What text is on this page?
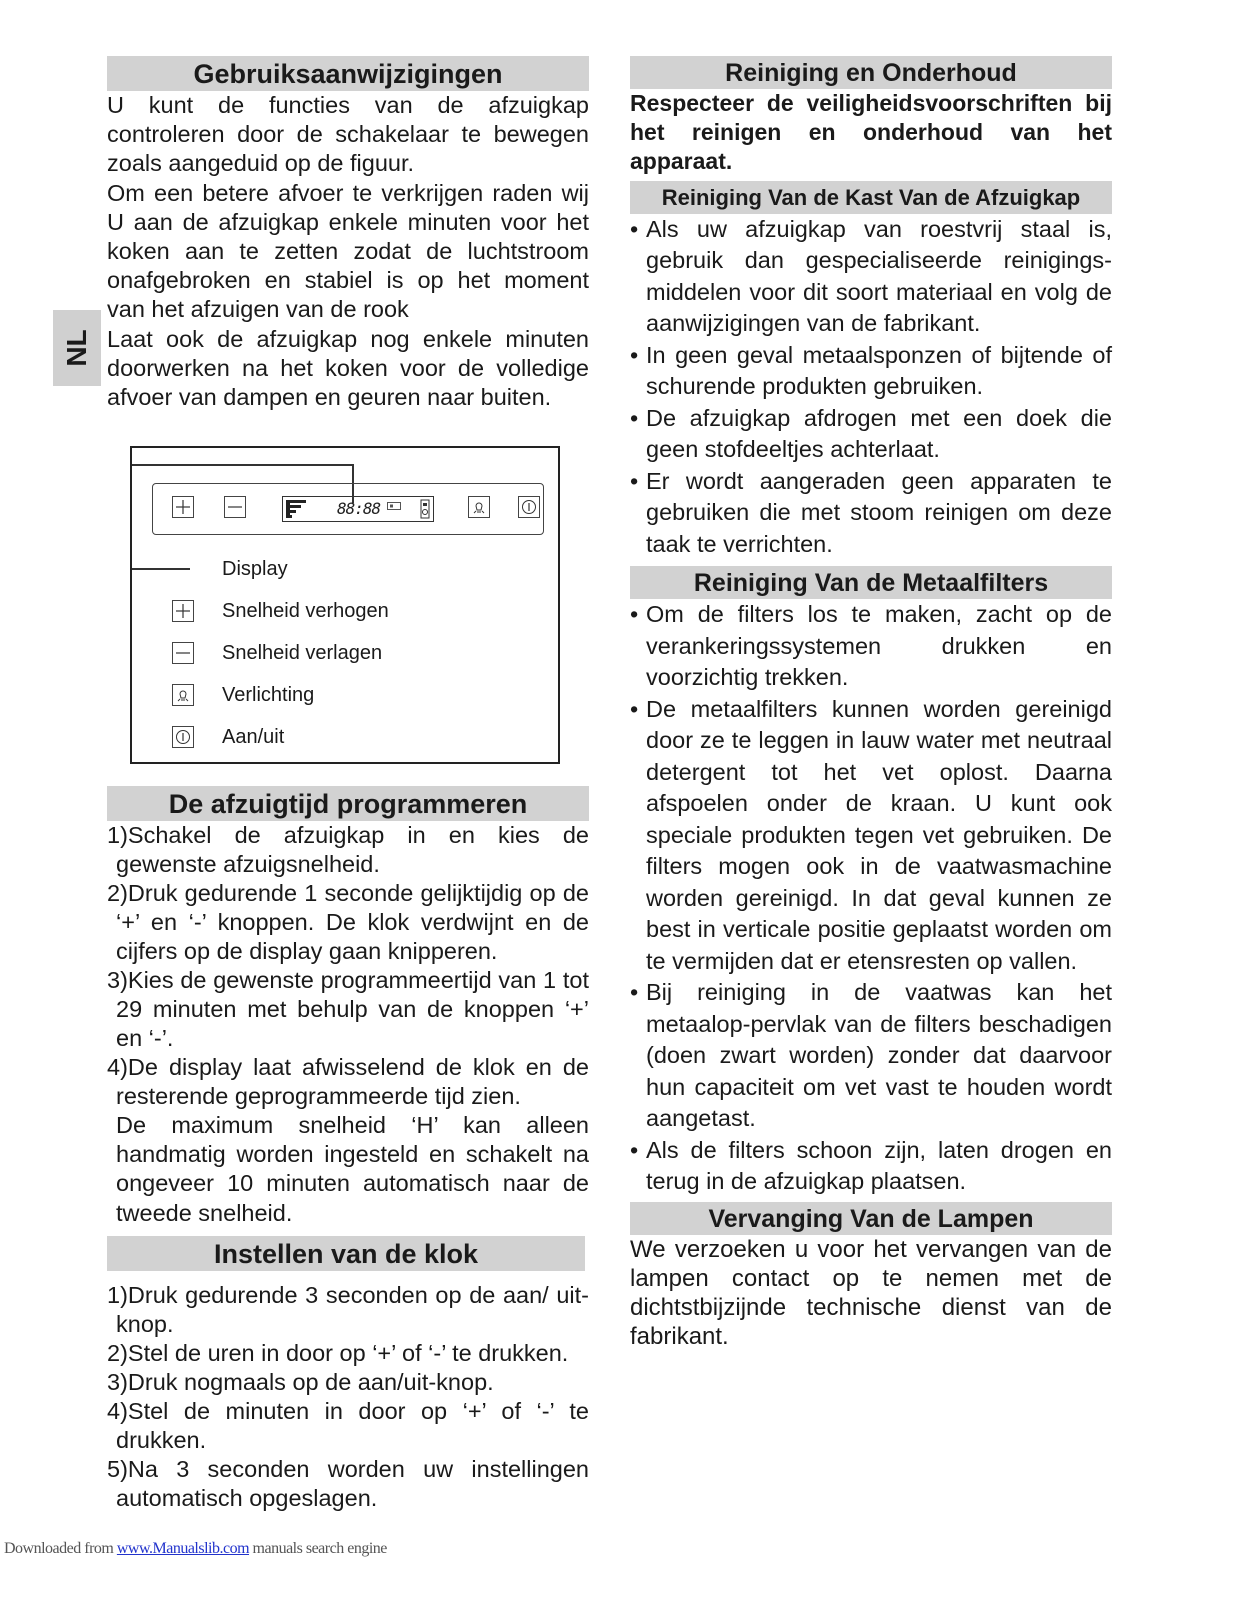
NL
Gebruiksaanwijzigingen

U kunt de functies van de afzuigkap controleren door de schakelaar te bewegen zoals aangeduid op de figuur.

Om een betere afvoer te verkrijgen raden wij U aan de afzuigkap enkele minuten voor het koken aan te zetten zodat de luchtstroom onafgebroken en stabiel is op het moment van het afzuigen van de rook

Laat ook de afzuigkap nog enkele minuten doorwerken na het koken voor de volledige afvoer van dampen en geuren naar buiten.

88:88
Display
Snelheid verhogen
Snelheid verlagen
Verlichting
Aan/uit
De afzuigtijd programmeren
1)Schakel de afzuigkap in en kies de gewenste afzuigsnelheid.
2)Druk gedurende 1 seconde gelijktijdig op de ‘+’ en ‘-’ knoppen. De klok verdwijnt en de cijfers op de display gaan knipperen.
3)Kies de gewenste programmeertijd van 1 tot 29 minuten met behulp van de knoppen ‘+’ en ‘-’.
4)De display laat afwisselend de klok en de resterende geprogrammeerde tijd zien.

De maximum snelheid ‘H’ kan alleen handmatig worden ingesteld en schakelt na ongeveer 10 minuten automatisch naar de tweede snelheid.

Instellen van de klok
1)Druk gedurende 3 seconden op de aan/ uit-knop.
2)Stel de uren in door op ‘+’ of ‘-’ te drukken.
3)Druk nogmaals op de aan/uit-knop.
4)Stel de minuten in door op ‘+’ of ‘-’ te drukken.
5)Na 3 seconden worden uw instellingen automatisch opgeslagen.
Reiniging en Onderhoud

Respecteer de veiligheidsvoorschriften bij het reinigen en onderhoud van het apparaat.

Reiniging Van de Kast Van de Afzuigkap
• Als uw afzuigkap van roestvrij staal is, gebruik dan gespecialiseerde reinigings-middelen voor dit soort materiaal en volg de aanwijzigingen van de fabrikant.
• In geen geval metaalsponzen of bijtende of schurende produkten gebruiken.
• De afzuigkap afdrogen met een doek die geen stofdeeltjes achterlaat.
• Er wordt aangeraden geen apparaten te gebruiken die met stoom reinigen om deze taak te verrichten.
Reiniging Van de Metaalfilters
• Om de filters los te maken, zacht op de verankeringssystemen drukken en voorzichtig trekken.
• De metaalfilters kunnen worden gereinigd door ze te leggen in lauw water met neutraal detergent tot het vet oplost. Daarna afspoelen onder de kraan. U kunt ook speciale produkten tegen vet gebruiken. De filters mogen ook in de vaatwasmachine worden gereinigd. In dat geval kunnen ze best in verticale positie geplaatst worden om te vermijden dat er etensresten op vallen.
• Bij reiniging in de vaatwas kan het metaalop-pervlak van de filters beschadigen (doen zwart worden) zonder dat daarvoor hun capaciteit om vet vast te houden wordt aangetast.
• Als de filters schoon zijn, laten drogen en terug in de afzuigkap plaatsen.
Vervanging Van de Lampen

We verzoeken u voor het vervangen van de lampen contact op te nemen met de dichtstbijzijnde technische dienst van de fabrikant.

Downloaded from www.Manualslib.com manuals search engine
